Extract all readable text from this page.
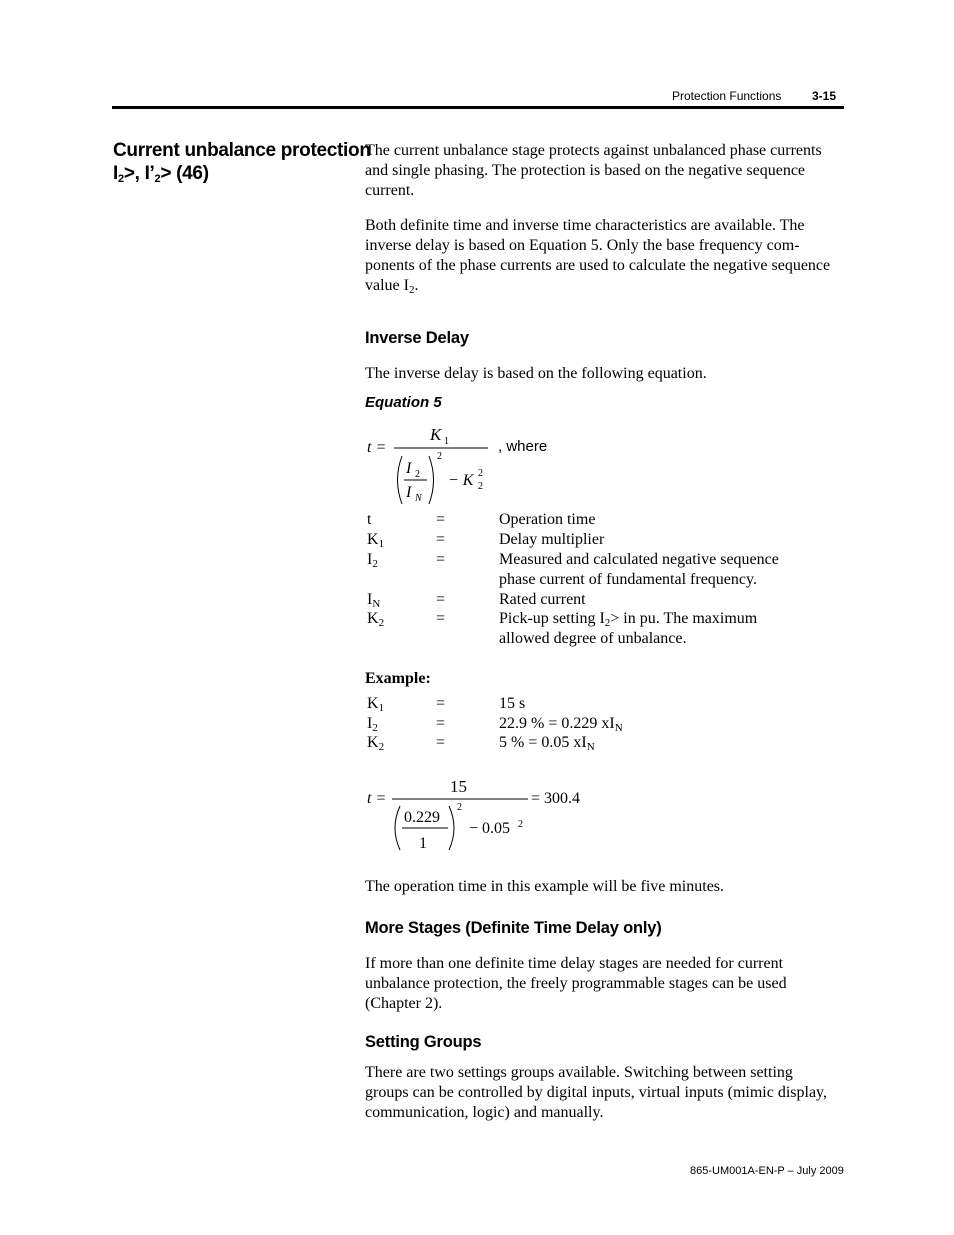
Protection Functions	3-15
Current unbalance protection
$I_2>$, $I’_2> (46)$
The current unbalance stage protects against unbalanced phase currents and single phasing. The protection is based on the negative sequence current.
Both definite time and inverse time characteristics are available. The inverse delay is based on Equation 5. Only the base frequency components of the phase currents are used to calculate the negative sequence value $I_2$.
Inverse Delay
The inverse delay is based on the following equation.
Equation 5
t =
K 1
I 2
I N
2
− K 2
2
, where
t	=	Operation time

$K_1$	=	Delay multiplier

$I_2$	=	Measured and calculated negative sequence
phase current of fundamental frequency.
$I_N$	=	Rated current

$K_2$	=	Pick-up setting $I_2>$ in pu. The maximum
allowed degree of unbalance.
Example:
$K_1$	=	15 s
$I_2$	=	22.9 % = 0.229 $xI_N$
$K_2$	=	5 % = 0.05 $xI_N$
t =
15
0.229
1
2
− 0.05 2
= 300.4
The operation time in this example will be five minutes.
More Stages (Definite Time Delay only)
If more than one definite time delay stages are needed for current unbalance protection, the freely programmable stages can be used (Chapter 2).
Setting Groups
There are two settings groups available. Switching between setting groups can be controlled by digital inputs, virtual inputs (mimic display, communication, logic) and manually.
865-UM001A-EN-P – July 2009
